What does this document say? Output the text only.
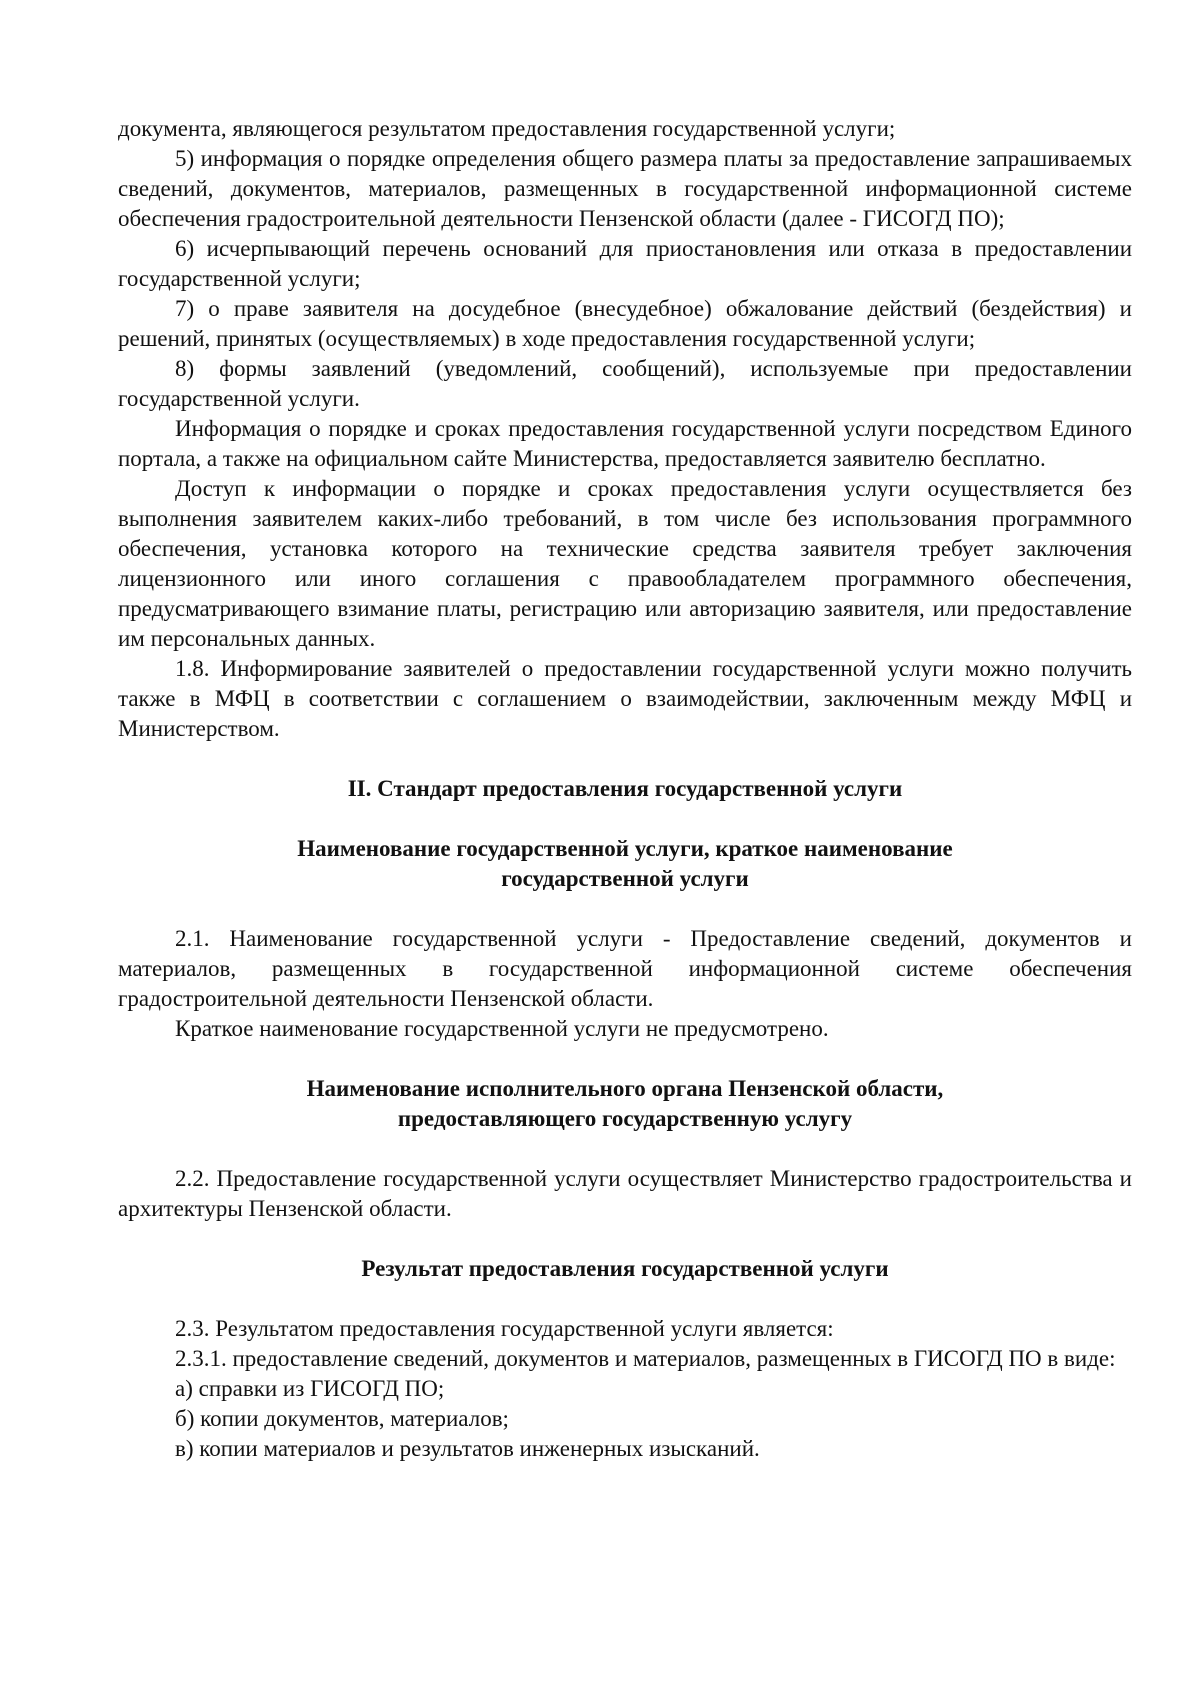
документа, являющегося результатом предоставления государственной услуги;

5) информация о порядке определения общего размера платы за предоставление запрашиваемых сведений, документов, материалов, размещенных в государственной информационной системе обеспечения градостроительной деятельности Пензенской области (далее - ГИСОГД ПО);

6) исчерпывающий перечень оснований для приостановления или отказа в предоставлении государственной услуги;

7) о праве заявителя на досудебное (внесудебное) обжалование действий (бездействия) и решений, принятых (осуществляемых) в ходе предоставления государственной услуги;

8) формы заявлений (уведомлений, сообщений), используемые при предоставлении государственной услуги.

Информация о порядке и сроках предоставления государственной услуги посредством Единого портала, а также на официальном сайте Министерства, предоставляется заявителю бесплатно.

Доступ к информации о порядке и сроках предоставления услуги осуществляется без выполнения заявителем каких-либо требований, в том числе без использования программного обеспечения, установка которого на технические средства заявителя требует заключения лицензионного или иного соглашения с правообладателем программного обеспечения, предусматривающего взимание платы, регистрацию или авторизацию заявителя, или предоставление им персональных данных.

1.8. Информирование заявителей о предоставлении государственной услуги можно получить также в МФЦ в соответствии с соглашением о взаимодействии, заключенным между МФЦ и Министерством.

II. Стандарт предоставления государственной услуги

Наименование государственной услуги, краткое наименование

государственной услуги

2.1. Наименование государственной услуги - Предоставление сведений, документов и материалов, размещенных в государственной информационной системе обеспечения градостроительной деятельности Пензенской области.

Краткое наименование государственной услуги не предусмотрено.

Наименование исполнительного органа Пензенской области,

предоставляющего государственную услугу

2.2. Предоставление государственной услуги осуществляет Министерство градостроительства и архитектуры Пензенской области.

Результат предоставления государственной услуги

2.3. Результатом предоставления государственной услуги является:

2.3.1. предоставление сведений, документов и материалов, размещенных в ГИСОГД ПО в виде:

а) справки из ГИСОГД ПО;

б) копии документов, материалов;

в) копии материалов и результатов инженерных изысканий.
